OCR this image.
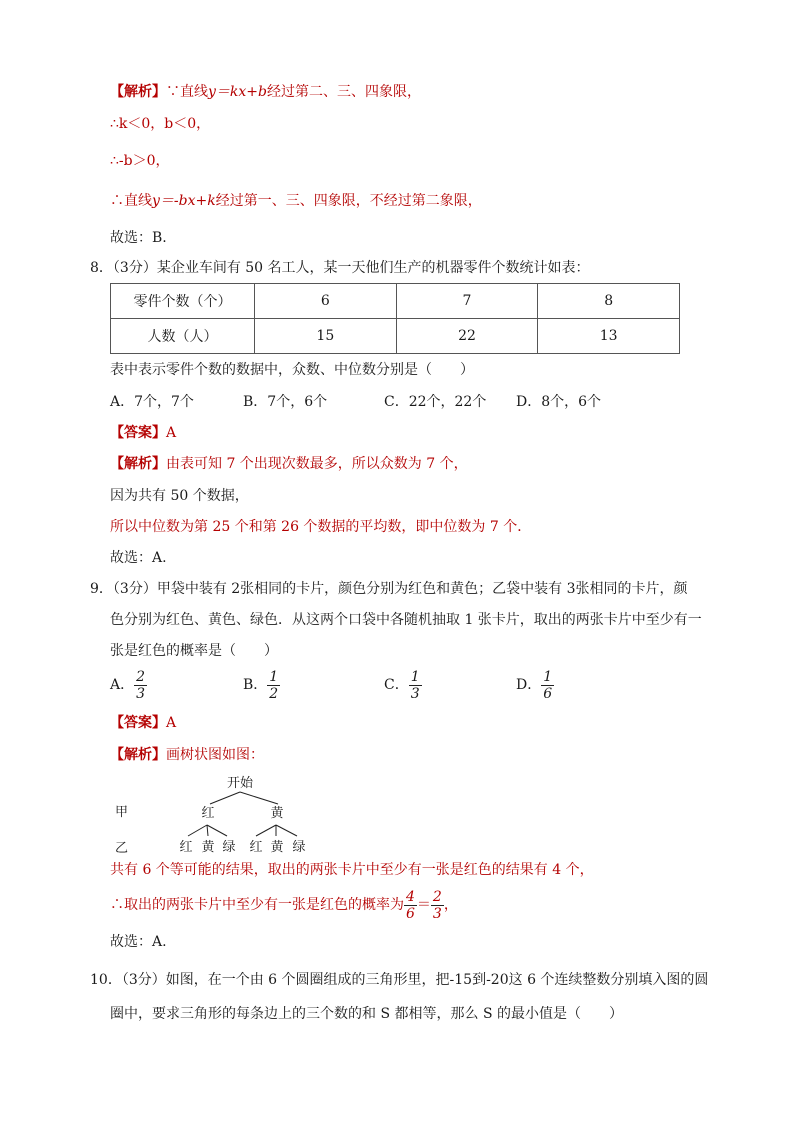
【解析】∵直线y＝kx+b经过第二、三、四象限，
∴k＜0，b＜0，
∴-b＞0，
∴直线y＝-bx+k经过第一、三、四象限，不经过第二象限，
故选：B.
8．（3分）某企业车间有 50 名工人，某一天他们生产的机器零件个数统计如表：
零件个数（个）	6	7	8
人数（人）	15	22	13
表中表示零件个数的数据中，众数、中位数分别是（　　）
A．7个，7个	B．7个，6个	C．22个，22个 D．8个，6个
【答案】A
【解析】由表可知 7 个出现次数最多，所以众数为 7 个，
因为共有 50 个数据，
所以中位数为第 25 个和第 26 个数据的平均数，即中位数为 7 个．
故选：A.
9．（3分）甲袋中装有 2张相同的卡片，颜色分别为红色和黄色；乙袋中装有 3张相同的卡片，颜
色分别为红色、黄色、绿色．从这两个口袋中各随机抽取 1 张卡片，取出的两张卡片中至少有一
张是红色的概率是（　　）
A． $\frac{2}{3}$	B． $\frac{1}{2}$	C． $\frac{1}{3}$	D． $\frac{1}{6}$
【答案】A
【解析】画树状图如图：
开始
甲
乙
红	黄
红 黄 绿 红 黄 绿
共有 6 个等可能的结果，取出的两张卡片中至少有一张是红色的结果有 4 个，
∴取出的两张卡片中至少有一张是红色的概率为 $\frac{4}{6} = \frac{2}{3}$ ，
故选：A.
10．（3分）如图，在一个由 6 个圆圈组成的三角形里，把-15到-20这 6 个连续整数分别填入图的圆
圈中，要求三角形的每条边上的三个数的和 S 都相等，那么 S 的最小值是（　　）
